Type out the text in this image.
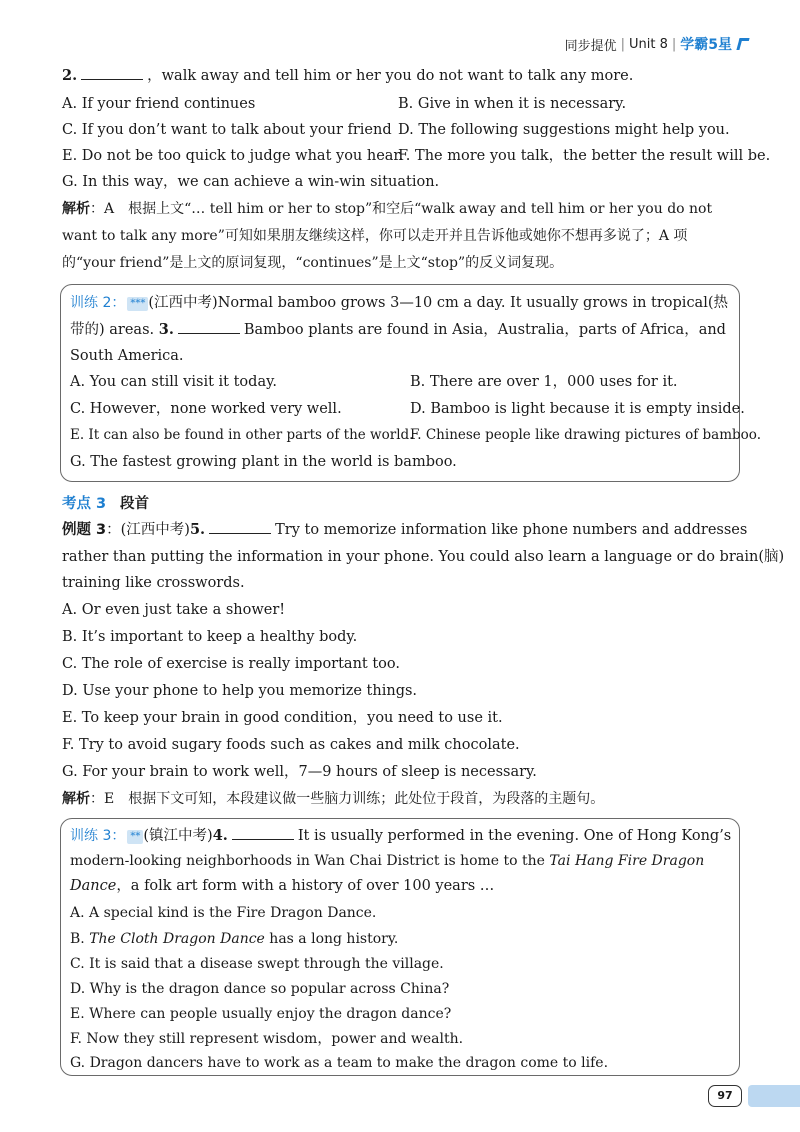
同步提优 | Unit 8 | 学霸5星
2.	，walk away and tell him or her you do not want to talk any more.
A. If your friend continues	B. Give in when it is necessary.
C. If you don’t want to talk about your friend D. The following suggestions might help you.
E. Do not be too quick to judge what you hear.
F. The more you talk，the better the result will be.
G. In this way，we can achieve a win-win situation.
解析：A　根据上文“… tell him or her to stop”和空后“walk away and tell him or her you do not
want to talk any more”可知如果朋友继续这样，你可以走开并且告诉他或她你不想再多说了；A 项
的“your friend”是上文的原词复现，“continues”是上文“stop”的反义词复现。
训练 2： *** (江西中考)Normal bamboo grows 3—10 cm a day. It usually grows in tropical(热
带的) areas. 3.	Bamboo plants are found in Asia，Australia，parts of Africa，and
South America.
A. You can still visit it today.	B. There are over 1，000 uses for it.
C. However，none worked very well.	D. Bamboo is light because it is empty inside.
E. It can also be found in other parts of the world.
F. Chinese people like drawing pictures of bamboo.
G. The fastest growing plant in the world is bamboo.
考点 3 段首
例题 3：(江西中考)5.	Try to memorize information like phone numbers and addresses
rather than putting the information in your phone. You could also learn a language or do brain(脑)
training like crosswords.
A. Or even just take a shower!
B. It’s important to keep a healthy body.
C. The role of exercise is really important too.
D. Use your phone to help you memorize things.
E. To keep your brain in good condition，you need to use it.
F. Try to avoid sugary foods such as cakes and milk chocolate.
G. For your brain to work well，7—9 hours of sleep is necessary.
解析：E　根据下文可知，本段建议做一些脑力训练；此处位于段首，为段落的主题句。
训练 3： ** (镇江中考)4.	It is usually performed in the evening. One of Hong Kong’s
modern-looking neighborhoods in Wan Chai District is home to the Tai Hang Fire Dragon
Dance，a folk art form with a history of over 100 years …
A. A special kind is the Fire Dragon Dance.
B. The Cloth Dragon Dance has a long history.
C. It is said that a disease swept through the village.
D. Why is the dragon dance so popular across China?
E. Where can people usually enjoy the dragon dance?
F. Now they still represent wisdom，power and wealth.
G. Dragon dancers have to work as a team to make the dragon come to life.
97
